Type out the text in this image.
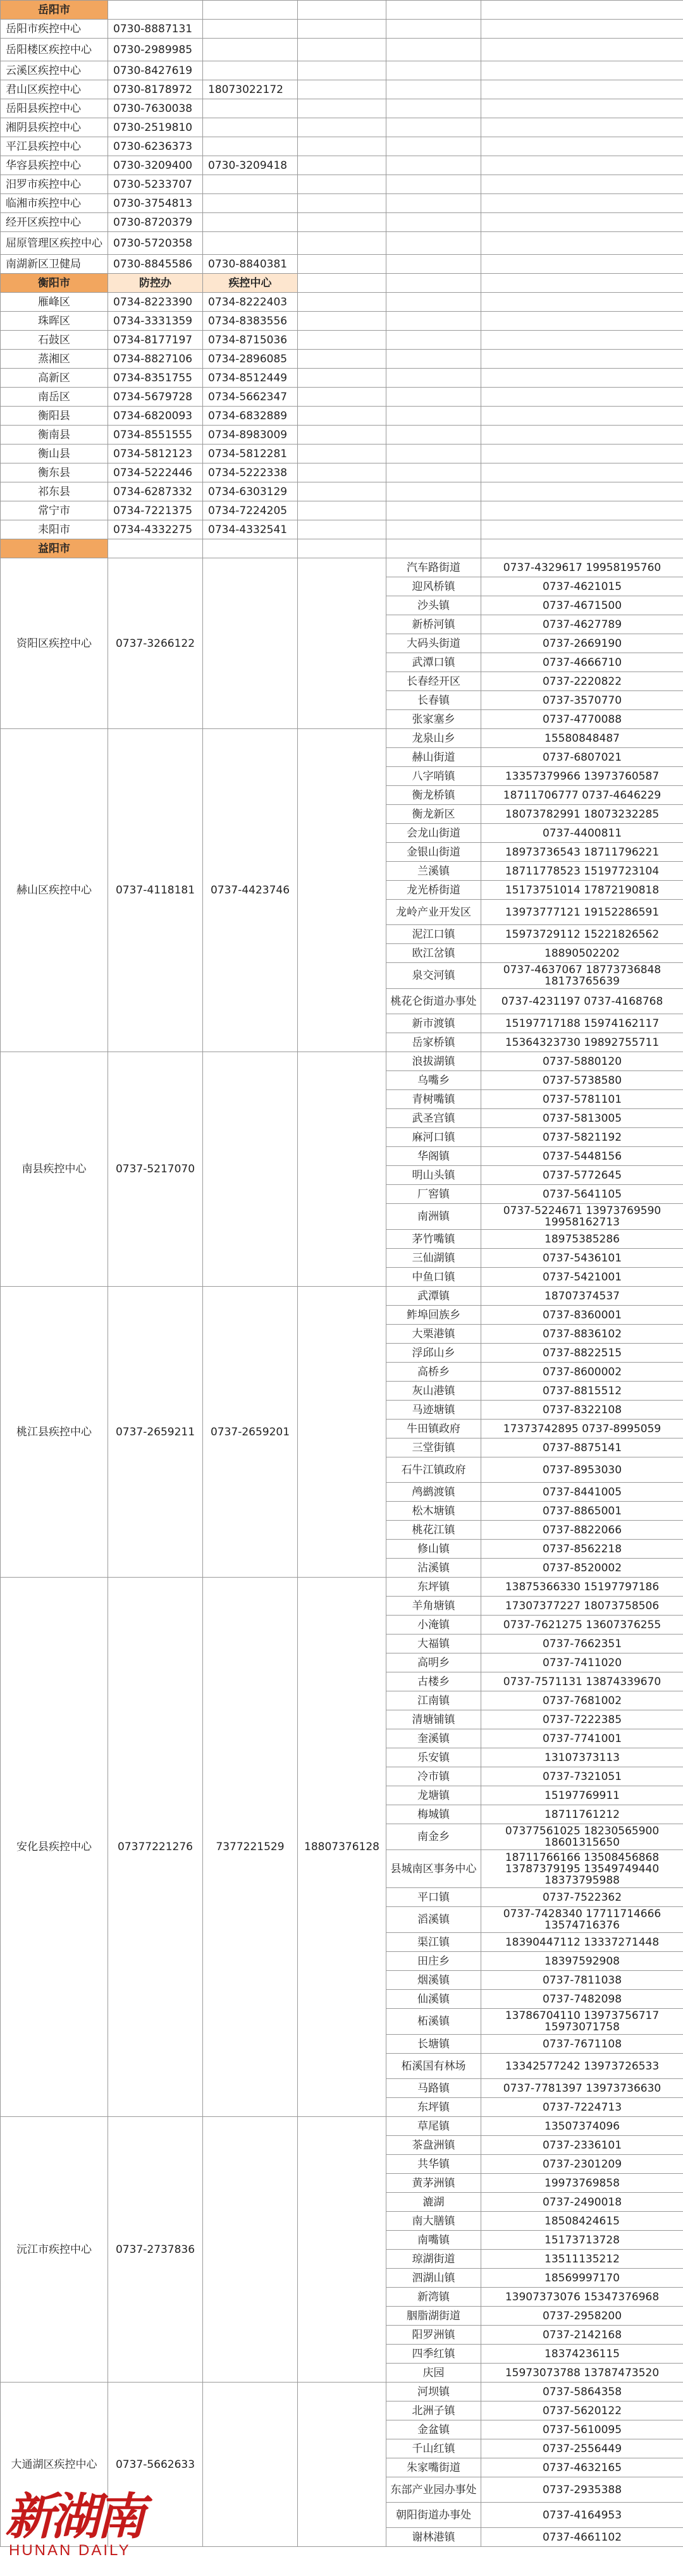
岳阳市					
岳阳市疾控中心	0730-8887131				
岳阳楼区疾控中心	0730-2989985				
云溪区疾控中心	0730-8427619				
君山区疾控中心	0730-8178972	18073022172			
岳阳县疾控中心	0730-7630038				
湘阴县疾控中心	0730-2519810				
平江县疾控中心	0730-6236373				
华容县疾控中心	0730-3209400	0730-3209418			
汨罗市疾控中心	0730-5233707				
临湘市疾控中心	0730-3754813				
经开区疾控中心	0730-8720379				
屈原管理区疾控中心	0730-5720358				
南湖新区卫健局	0730-8845586	0730-8840381			
衡阳市	防控办	疾控中心			
雁峰区	0734-8223390	0734-8222403			
珠晖区	0734-3331359	0734-8383556			
石鼓区	0734-8177197	0734-8715036			
蒸湘区	0734-8827106	0734-2896085			
高新区	0734-8351755	0734-8512449			
南岳区	0734-5679728	0734-5662347			
衡阳县	0734-6820093	0734-6832889			
衡南县	0734-8551555	0734-8983009			
衡山县	0734-5812123	0734-5812281			
衡东县	0734-5222446	0734-5222338			
祁东县	0734-6287332	0734-6303129			
常宁市	0734-7221375	0734-7224205			
耒阳市	0734-4332275	0734-4332541			
益阳市					
资阳区疾控中心	0737-3266122			汽车路街道	0737-4329617 19958195760
				迎风桥镇	0737-4621015
				沙头镇	0737-4671500
				新桥河镇	0737-4627789
				大码头街道	0737-2669190
				武潭口镇	0737-4666710
				长春经开区	0737-2220822
				长春镇	0737-3570770
				张家塞乡	0737-4770088
赫山区疾控中心	0737-4118181	0737-4423746		龙泉山乡	15580848487
				赫山街道	0737-6807021
				八字哨镇	13357379966 13973760587
				衡龙桥镇	18711706777 0737-4646229
				衡龙新区	18073782991 18073232285
				会龙山街道	0737-4400811
				金银山街道	18973736543 18711796221
				兰溪镇	18711778523 15197723104
				龙光桥街道	15173751014 17872190818
				龙岭产业开发区	13973777121 19152286591
				泥江口镇	15973729112 15221826562
				欧江岔镇	18890502202
				泉交河镇	0737-4637067 18773736848 18173765639
				桃花仑街道办事处	0737-4231197 0737-4168768
				新市渡镇	15197717188 15974162117
				岳家桥镇	15364323730 19892755711
南县疾控中心	0737-5217070			浪拔湖镇	0737-5880120
				乌嘴乡	0737-5738580
				青树嘴镇	0737-5781101
				武圣宫镇	0737-5813005
				麻河口镇	0737-5821192
				华阁镇	0737-5448156
				明山头镇	0737-5772645
				厂窖镇	0737-5641105
				南洲镇	0737-5224671 13973769590 19958162713
				茅竹嘴镇	18975385286
				三仙湖镇	0737-5436101
				中鱼口镇	0737-5421001
桃江县疾控中心	0737-2659211	0737-2659201		武潭镇	18707374537
				鲊埠回族乡	0737-8360001
				大栗港镇	0737-8836102
				浮邱山乡	0737-8822515
				高桥乡	0737-8600002
				灰山港镇	0737-8815512
				马迹塘镇	0737-8322108
				牛田镇政府	17373742895 0737-8995059
				三堂街镇	0737-8875141
				石牛江镇政府	0737-8953030
				鸬鹚渡镇	0737-8441005
				松木塘镇	0737-8865001
				桃花江镇	0737-8822066
				修山镇	0737-8562218
				沾溪镇	0737-8520002
安化县疾控中心	07377221276	7377221529	18807376128	东坪镇	13875366330 15197797186
				羊角塘镇	17307377227 18073758506
				小淹镇	0737-7621275 13607376255
				大福镇	0737-7662351
				高明乡	0737-7411020
				古楼乡	0737-7571131 13874339670
				江南镇	0737-7681002
				清塘铺镇	0737-7222385
				奎溪镇	0737-7741001
				乐安镇	13107373113
				冷市镇	0737-7321051
				龙塘镇	15197769911
				梅城镇	18711761212
				南金乡	07377561025 18230565900 18601315650
				县城南区事务中心	18711766166 13508456868 13787379195 13549749440 18373795988
				平口镇	0737-7522362
				滔溪镇	0737-7428340 17711714666 13574716376
				渠江镇	18390447112 13337271448
				田庄乡	18397592908
				烟溪镇	0737-7811038
				仙溪镇	0737-7482098
				柘溪镇	13786704110 13973756717 15973071758
				长塘镇	0737-7671108
				柘溪国有林场	13342577242 13973726533
				马路镇	0737-7781397 13973736630
				东坪镇	0737-7224713
沅江市疾控中心	0737-2737836			草尾镇	13507374096
				茶盘洲镇	0737-2336101
				共华镇	0737-2301209
				黄茅洲镇	19973769858
				漉湖	0737-2490018
				南大膳镇	18508424615
				南嘴镇	15173713728
				琼湖街道	13511135212
				泗湖山镇	18569997170
				新湾镇	13907373076 15347376968
				胭脂湖街道	0737-2958200
				阳罗洲镇	0737-2142168
				四季红镇	18374236115
				庆园	15973073788 13787473520
大通湖区疾控中心	0737-5662633			河坝镇	0737-5864358
				北洲子镇	0737-5620122
				金盆镇	0737-5610095
				千山红镇	0737-2556449
				朱家嘴街道	0737-4632165
				东部产业园办事处	0737-2935388
				朝阳街道办事处	0737-4164953
				谢林港镇	0737-4661102
新湖南
HUNAN DAILY
